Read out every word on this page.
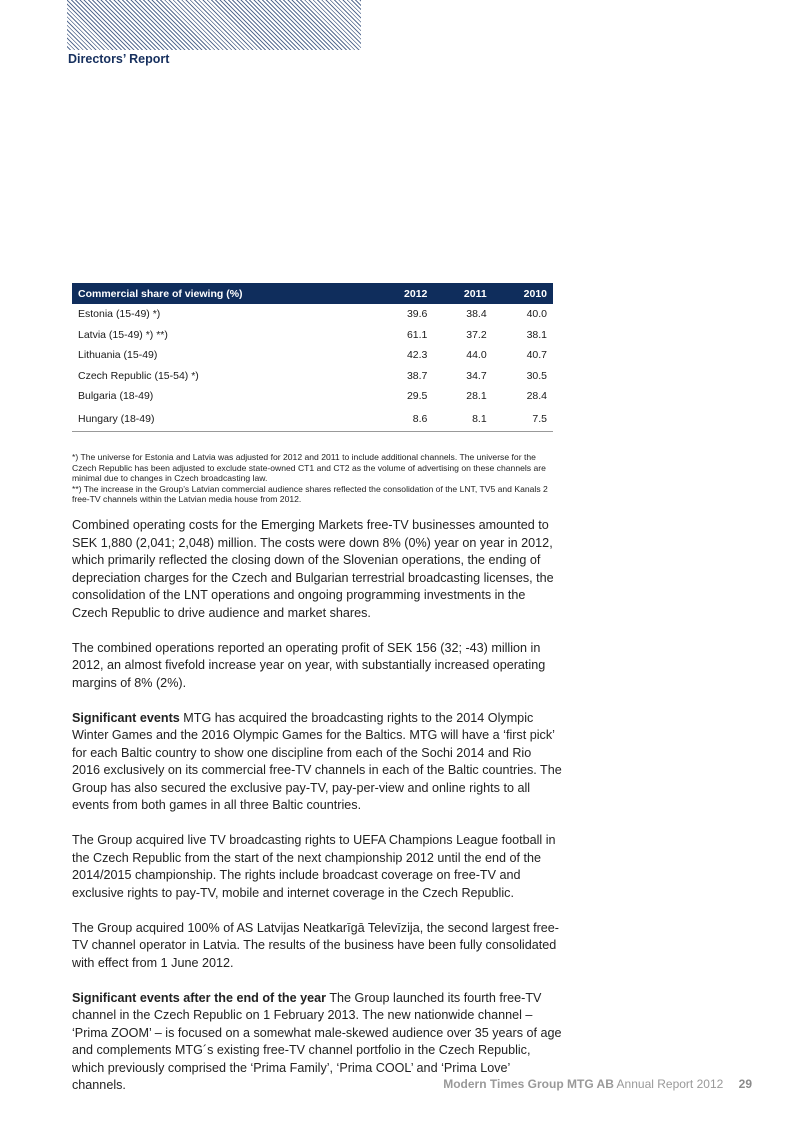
Directors’ Report
Commercial share of viewing (%)	2012	2011	2010
Estonia (15-49) *)	39.6	38.4	40.0
Latvia (15-49) *) **)	61.1	37.2	38.1
Lithuania (15-49)	42.3	44.0	40.7
Czech Republic (15-54) *)	38.7	34.7	30.5
Bulgaria (18-49)	29.5	28.1	28.4
Hungary (18-49)	8.6	8.1	7.5
*) The universe for Estonia and Latvia was adjusted for 2012 and 2011 to include additional channels. The universe for the Czech Republic has been adjusted to exclude state-owned CT1 and CT2 as the volume of advertising on these channels are minimal due to changes in Czech broadcasting law.
**) The increase in the Group’s Latvian commercial audience shares reflected the consolidation of the LNT, TV5 and Kanals 2 free-TV channels within the Latvian media house from 2012.

Combined operating costs for the Emerging Markets free-TV businesses amounted to SEK 1,880 (2,041; 2,048) million. The costs were down 8% (0%) year on year in 2012, which primarily reflected the closing down of the Slovenian operations, the ending of depreciation charges for the Czech and Bulgarian terrestrial broadcasting licenses, the consolidation of the LNT operations and ongoing programming investments in the Czech Republic to drive audience and market shares.

The combined operations reported an operating profit of SEK 156 (32; -43) million in 2012, an almost fivefold increase year on year, with substantially increased operating margins of 8% (2%).

Significant events MTG has acquired the broadcasting rights to the 2014 Olympic Winter Games and the 2016 Olympic Games for the Baltics. MTG will have a ‘first pick’ for each Baltic country to show one discipline from each of the Sochi 2014 and Rio 2016 exclusively on its commercial free-TV channels in each of the Baltic countries. The Group has also secured the exclusive pay-TV, pay-per-view and online rights to all events from both games in all three Baltic countries.

The Group acquired live TV broadcasting rights to UEFA Champions League football in the Czech Republic from the start of the next championship 2012 until the end of the 2014/2015 championship. The rights include broadcast coverage on free-TV and exclusive rights to pay-TV, mobile and internet coverage in the Czech Republic.

The Group acquired 100% of AS Latvijas Neatkarīgā Televīzija, the second largest free-TV channel operator in Latvia. The results of the business have been fully consolidated with effect from 1 June 2012.

Significant events after the end of the year The Group launched its fourth free-TV channel in the Czech Republic on 1 February 2013. The new nationwide channel – ‘Prima ZOOM’ – is focused on a somewhat male-skewed audience over 35 years of age and complements MTG´s existing free-TV channel portfolio in the Czech Republic, which previously comprised the ‘Prima Family’, ‘Prima COOL’ and ‘Prima Love’ channels.	Modern Times Group MTG AB Annual Report 2012 29
